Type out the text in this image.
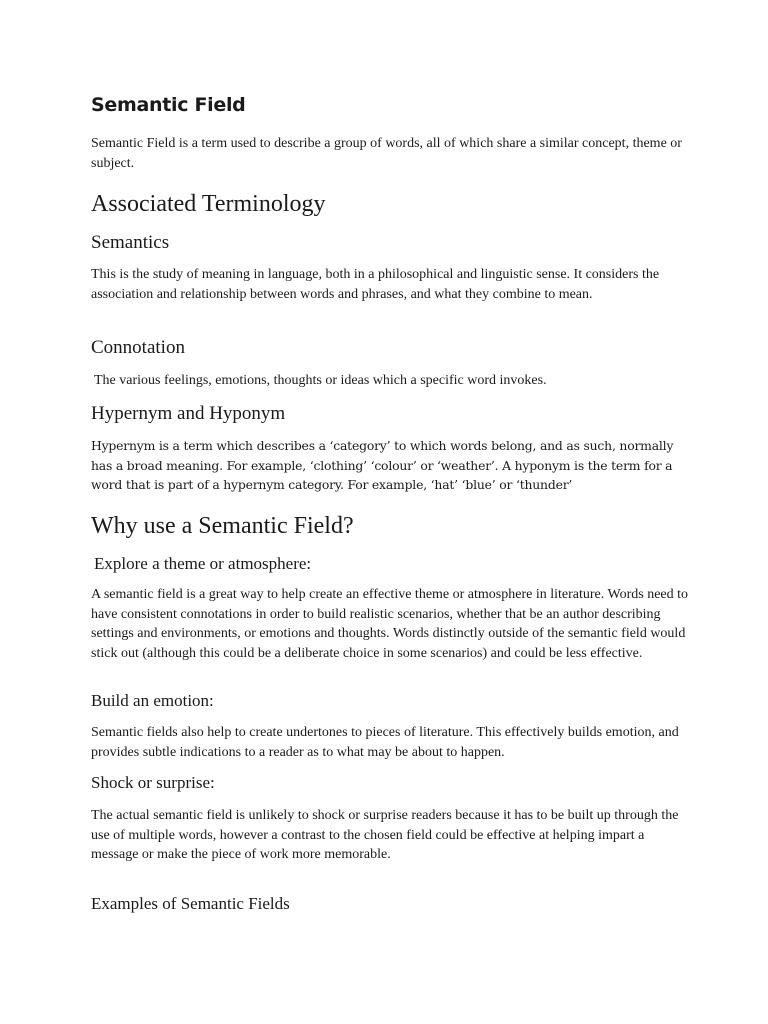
Semantic Field

Semantic Field is a term used to describe a group of words, all of which share a similar concept, theme or subject.

Associated Terminology
Semantics

This is the study of meaning in language, both in a philosophical and linguistic sense. It considers the association and relationship between words and phrases, and what they combine to mean.

Connotation

The various feelings, emotions, thoughts or ideas which a specific word invokes.

Hypernym and Hyponym

Hypernym is a term which describes a ‘category’ to which words belong, and as such, normally has a broad meaning. For example, ‘clothing’ ‘colour’ or ‘weather’. A hyponym is the term for a word that is part of a hypernym category. For example, ‘hat’ ‘blue’ or ‘thunder’

Why use a Semantic Field?
Explore a theme or atmosphere:

A semantic field is a great way to help create an effective theme or atmosphere in literature. Words need to have consistent connotations in order to build realistic scenarios, whether that be an author describing settings and environments, or emotions and thoughts. Words distinctly outside of the semantic field would stick out (although this could be a deliberate choice in some scenarios) and could be less effective.

Build an emotion:

Semantic fields also help to create undertones to pieces of literature. This effectively builds emotion, and provides subtle indications to a reader as to what may be about to happen.

Shock or surprise:

The actual semantic field is unlikely to shock or surprise readers because it has to be built up through the use of multiple words, however a contrast to the chosen field could be effective at helping impart a message or make the piece of work more memorable.

Examples of Semantic Fields
